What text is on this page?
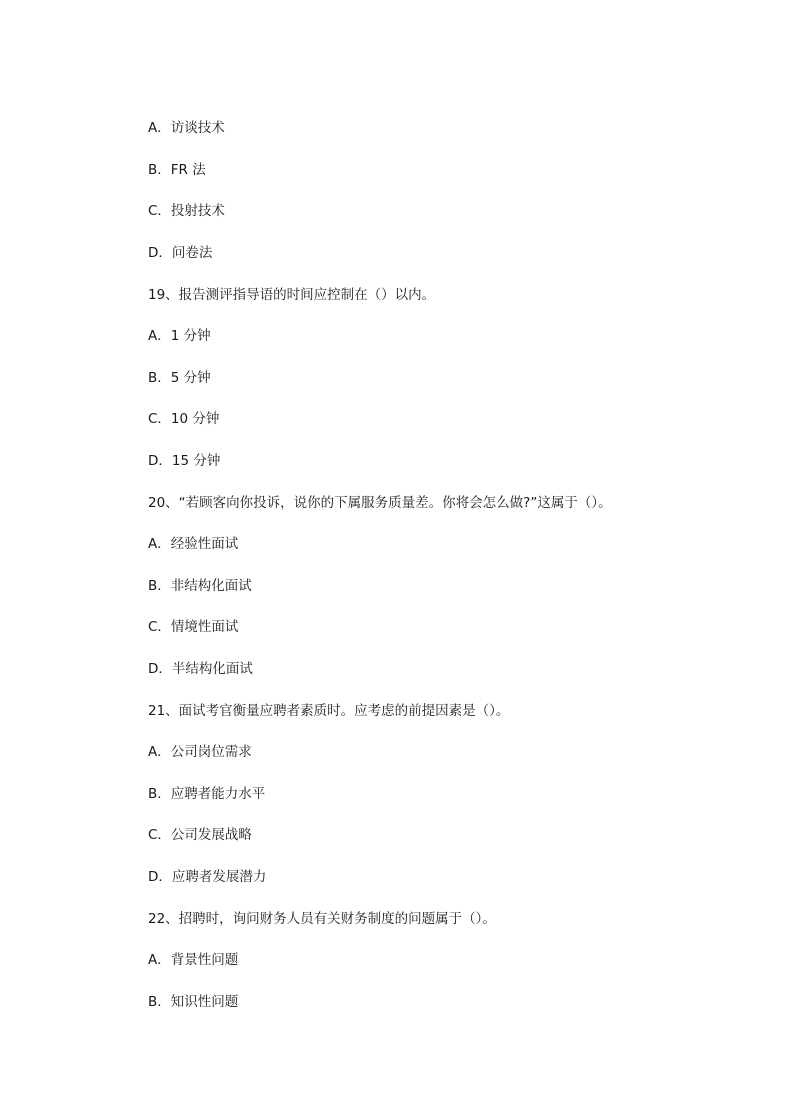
A．访谈技术
B．FR 法
C．投射技术
D．问卷法
19、报告测评指导语的时间应控制在（）以内。
A．1 分钟
B．5 分钟
C．10 分钟
D．15 分钟
20、“若顾客向你投诉，说你的下属服务质量差。你将会怎么做?”这属于（）。
A．经验性面试
B．非结构化面试
C．情境性面试
D．半结构化面试
21、面试考官衡量应聘者素质时。应考虑的前提因素是（）。
A．公司岗位需求
B．应聘者能力水平
C．公司发展战略
D．应聘者发展潜力
22、招聘时，询问财务人员有关财务制度的问题属于（）。
A．背景性问题
B．知识性问题
